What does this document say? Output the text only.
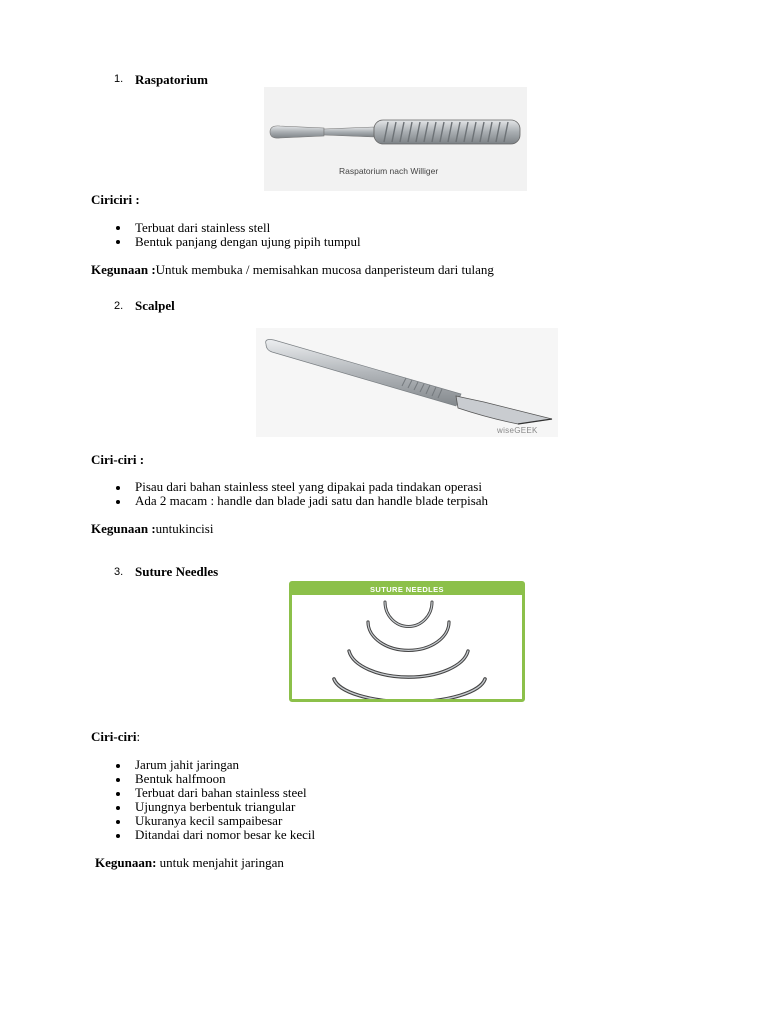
1. Raspatorium
Raspatorium nach Williger
Ciriciri :
Terbuat dari stainless stell
Bentuk panjang dengan ujung pipih tumpul
Kegunaan :Untuk membuka / memisahkan mucosa danperisteum dari tulang
2. Scalpel
wiseGEEK
Ciri-ciri :
Pisau dari bahan stainless steel yang dipakai pada tindakan operasi
Ada 2 macam : handle dan blade jadi satu dan handle blade terpisah
Kegunaan :untukincisi
3. Suture Needles
SUTURE NEEDLES
Ciri-ciri:
Jarum jahit jaringan
Bentuk halfmoon
Terbuat dari bahan stainless steel
Ujungnya berbentuk triangular
Ukuranya kecil sampaibesar
Ditandai dari nomor besar ke kecil
Kegunaan: untuk menjahit jaringan
